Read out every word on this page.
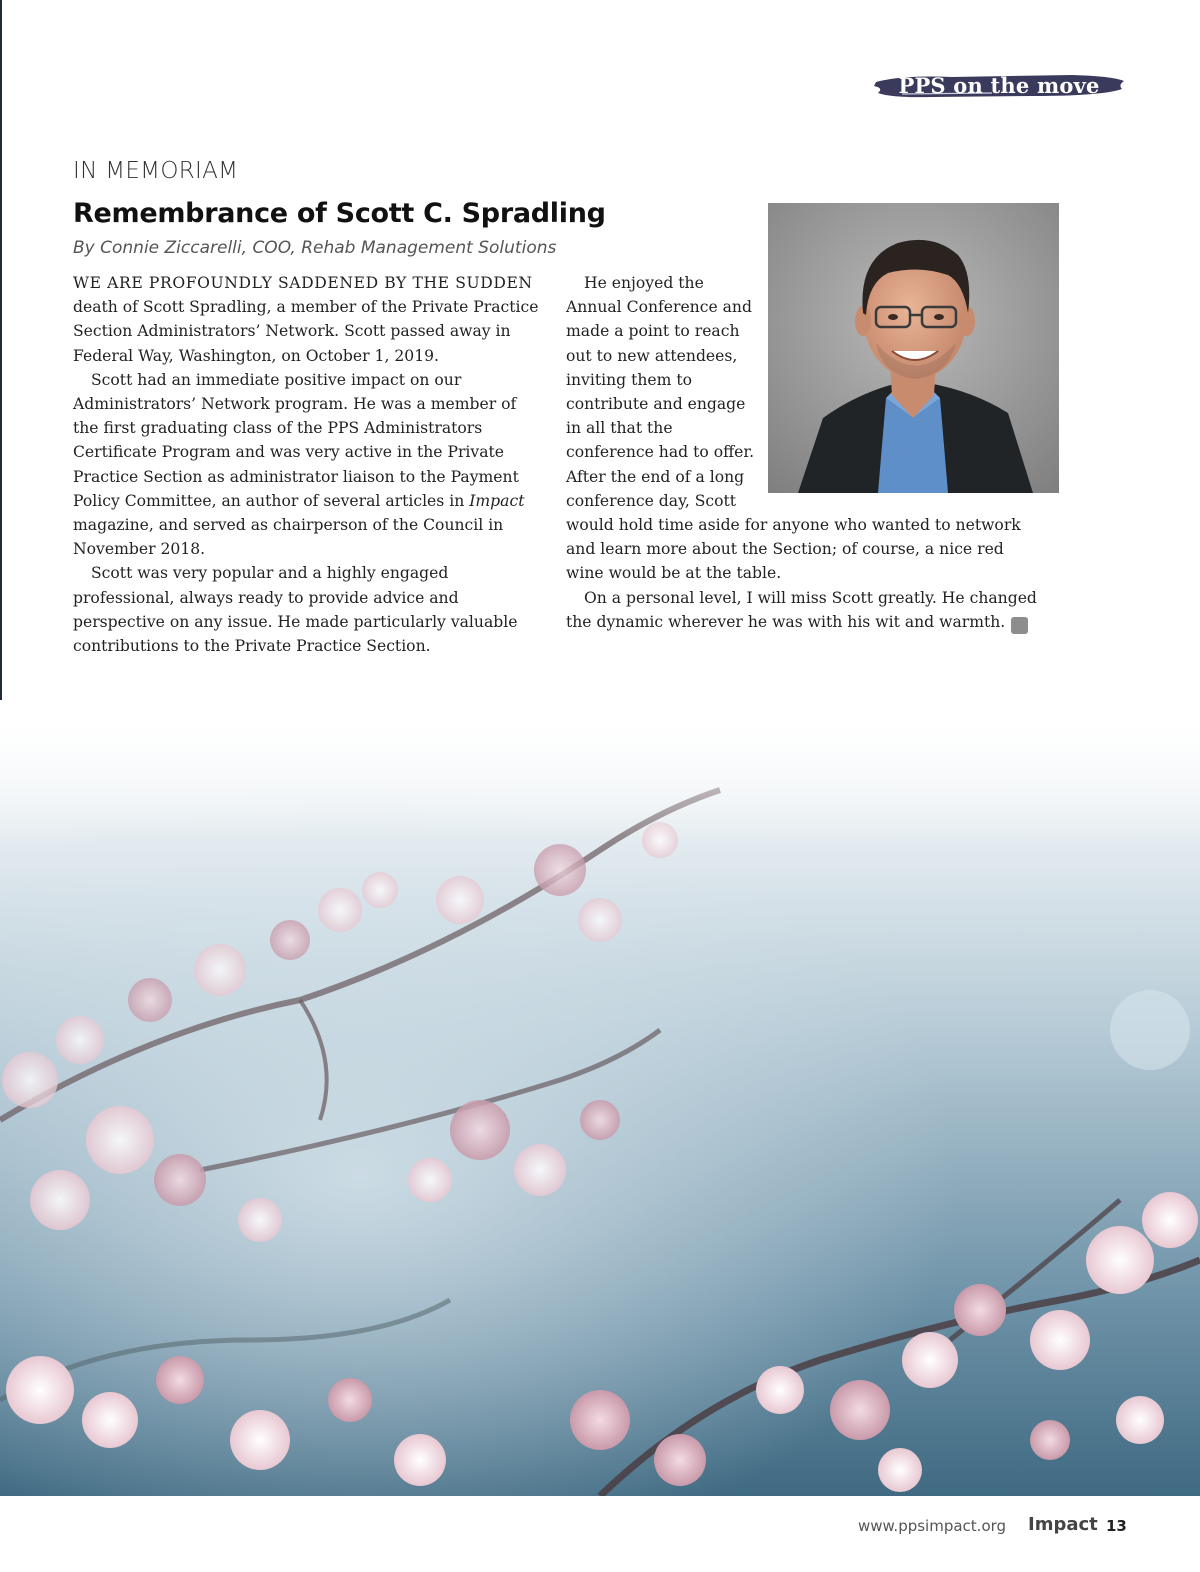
PPS on the move
IN MEMORIAM
Remembrance of Scott C. Spradling
By Connie Ziccarelli, COO, Rehab Management Solutions

WE ARE PROFOUNDLY SADDENED BY THE SUDDEN death of Scott Spradling, a member of the Private Practice Section Administrators’ Network. Scott passed away in Federal Way, Washington, on October 1, 2019.

Scott had an immediate positive impact on our Administrators’ Network program. He was a member of the first graduating class of the PPS Administrators Certificate Program and was very active in the Private Practice Section as administrator liaison to the Payment Policy Committee, an author of several articles in Impact magazine, and served as chairperson of the Council in November 2018.

Scott was very popular and a highly engaged professional, always ready to provide advice and perspective on any issue. He made particularly valuable contributions to the Private Practice Section.

He enjoyed the Annual Conference and made a point to reach out to new attendees, inviting them to contribute and engage in all that the conference had to offer. After the end of a long conference day, Scott

would hold time aside for anyone who wanted to network and learn more about the Section; of course, a nice red wine would be at the table.

On a personal level, I will miss Scott greatly. He changed the dynamic wherever he was with his wit and warmth. I

www.ppsimpact.org Impact 13
